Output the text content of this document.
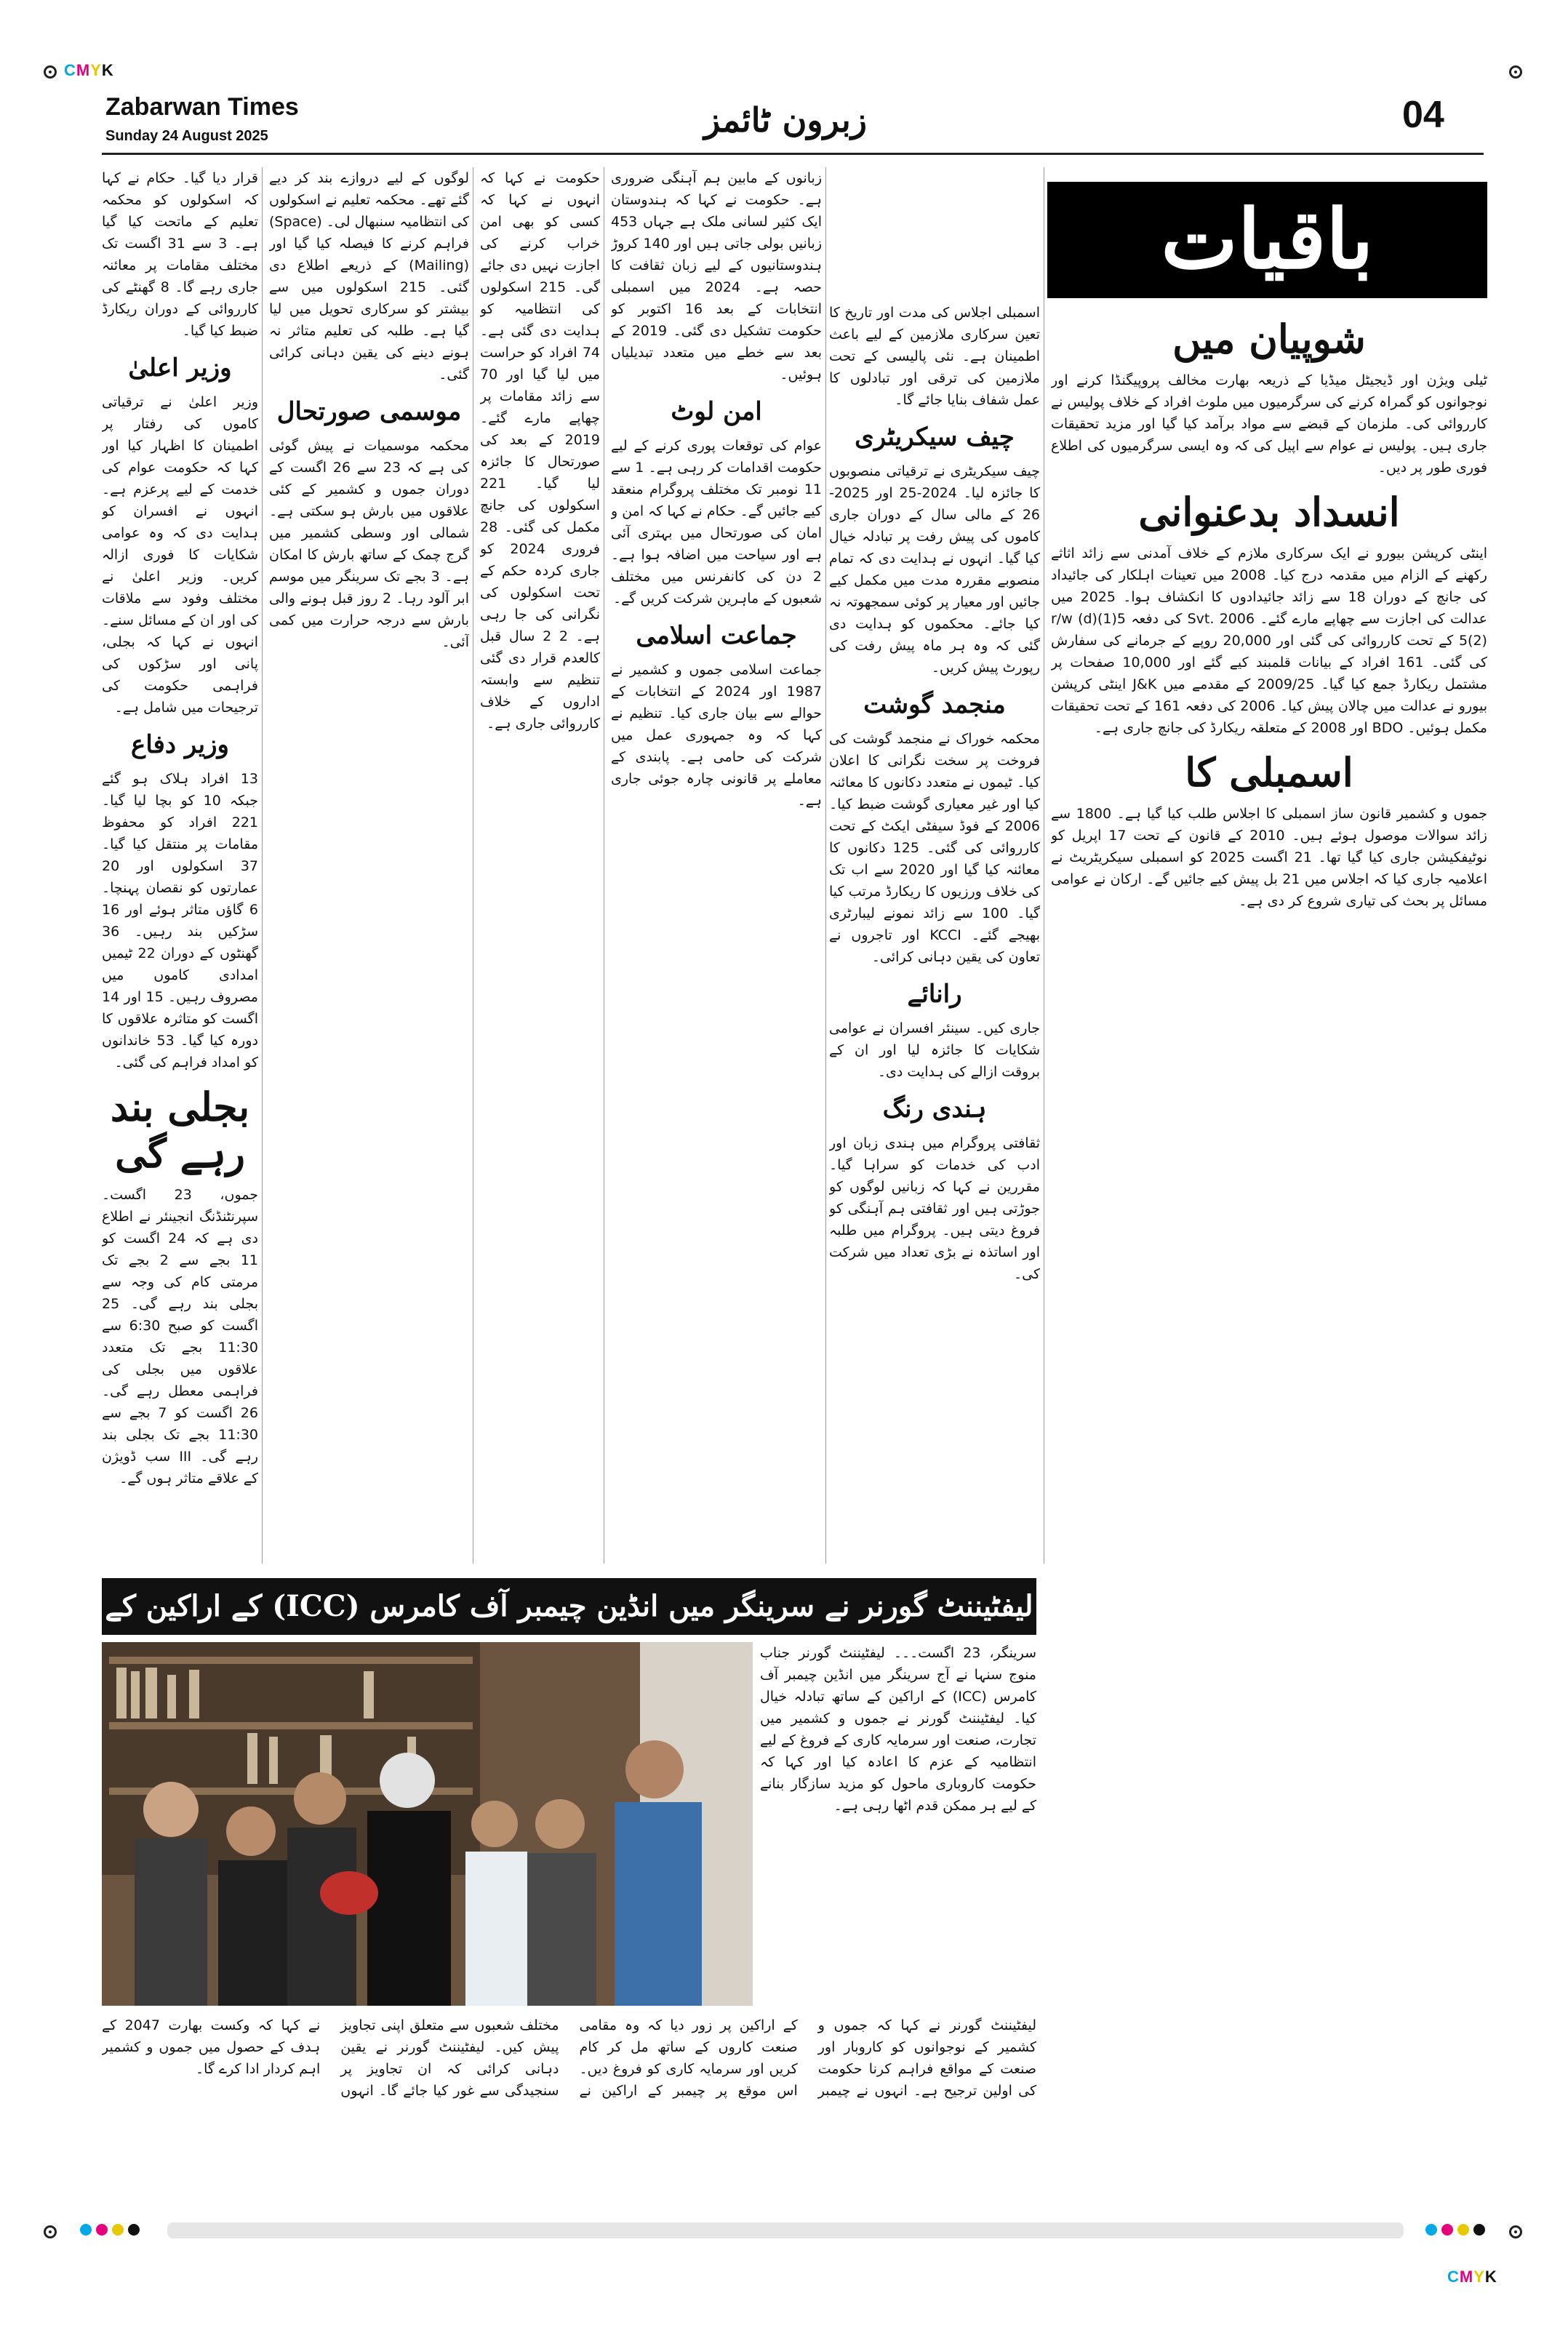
CMYK
CMYK
Zabarwan Times
Sunday 24 August 2025	زبرون ٹائمز	04
باقیات
شوپیان میں

ٹیلی ویژن اور ڈیجیٹل میڈیا کے ذریعہ بھارت مخالف پروپیگنڈا کرنے اور نوجوانوں کو گمراہ کرنے کی سرگرمیوں میں ملوث افراد کے خلاف پولیس نے کارروائی کی۔ ملزمان کے قبضے سے مواد برآمد کیا گیا اور مزید تحقیقات جاری ہیں۔ پولیس نے عوام سے اپیل کی کہ وہ ایسی سرگرمیوں کی اطلاع فوری طور پر دیں۔

انسداد بدعنوانی

اینٹی کرپشن بیورو نے ایک سرکاری ملازم کے خلاف آمدنی سے زائد اثاثے رکھنے کے الزام میں مقدمہ درج کیا۔ 2008 میں تعینات اہلکار کی جائیداد کی جانچ کے دوران 18 سے زائد جائیدادوں کا انکشاف ہوا۔ 2025 میں عدالت کی اجازت سے چھاپے مارے گئے۔ Svt. 2006 کی دفعہ 5(1)(d) r/w 5(2) کے تحت کارروائی کی گئی اور 20,000 روپے کے جرمانے کی سفارش کی گئی۔ 161 افراد کے بیانات قلمبند کیے گئے اور 10,000 صفحات پر مشتمل ریکارڈ جمع کیا گیا۔ 2009/25 کے مقدمے میں J&K اینٹی کرپشن بیورو نے عدالت میں چالان پیش کیا۔ 2006 کی دفعہ 161 کے تحت تحقیقات مکمل ہوئیں۔ BDO اور 2008 کے متعلقہ ریکارڈ کی جانچ جاری ہے۔

اسمبلی کا

جموں و کشمیر قانون ساز اسمبلی کا اجلاس طلب کیا گیا ہے۔ 1800 سے زائد سوالات موصول ہوئے ہیں۔ 2010 کے قانون کے تحت 17 اپریل کو نوٹیفکیشن جاری کیا گیا تھا۔ 21 اگست 2025 کو اسمبلی سیکریٹریٹ نے اعلامیہ جاری کیا کہ اجلاس میں 21 بل پیش کیے جائیں گے۔ ارکان نے عوامی مسائل پر بحث کی تیاری شروع کر دی ہے۔

اسمبلی اجلاس کی مدت اور تاریخ کا تعین سرکاری ملازمین کے لیے باعث اطمینان ہے۔ نئی پالیسی کے تحت ملازمین کی ترقی اور تبادلوں کا عمل شفاف بنایا جائے گا۔

چیف سیکریٹری

چیف سیکریٹری نے ترقیاتی منصوبوں کا جائزہ لیا۔ 2024-25 اور 2025-26 کے مالی سال کے دوران جاری کاموں کی پیش رفت پر تبادلہ خیال کیا گیا۔ انہوں نے ہدایت دی کہ تمام منصوبے مقررہ مدت میں مکمل کیے جائیں اور معیار پر کوئی سمجھوتہ نہ کیا جائے۔ محکموں کو ہدایت دی گئی کہ وہ ہر ماہ پیش رفت کی رپورٹ پیش کریں۔

منجمد گوشت

محکمہ خوراک نے منجمد گوشت کی فروخت پر سخت نگرانی کا اعلان کیا۔ ٹیموں نے متعدد دکانوں کا معائنہ کیا اور غیر معیاری گوشت ضبط کیا۔ 2006 کے فوڈ سیفٹی ایکٹ کے تحت کارروائی کی گئی۔ 125 دکانوں کا معائنہ کیا گیا اور 2020 سے اب تک کی خلاف ورزیوں کا ریکارڈ مرتب کیا گیا۔ 100 سے زائد نمونے لیبارٹری بھیجے گئے۔ KCCI اور تاجروں نے تعاون کی یقین دہانی کرائی۔

رانائے

جاری کیں۔ سینئر افسران نے عوامی شکایات کا جائزہ لیا اور ان کے بروقت ازالے کی ہدایت دی۔

ہندی رنگ

ثقافتی پروگرام میں ہندی زبان اور ادب کی خدمات کو سراہا گیا۔ مقررین نے کہا کہ زبانیں لوگوں کو جوڑتی ہیں اور ثقافتی ہم آہنگی کو فروغ دیتی ہیں۔ پروگرام میں طلبہ اور اساتذہ نے بڑی تعداد میں شرکت کی۔

زبانوں کے مابین ہم آہنگی ضروری ہے۔ حکومت نے کہا کہ ہندوستان ایک کثیر لسانی ملک ہے جہاں 453 زبانیں بولی جاتی ہیں اور 140 کروڑ ہندوستانیوں کے لیے زبان ثقافت کا حصہ ہے۔ 2024 میں اسمبلی انتخابات کے بعد 16 اکتوبر کو حکومت تشکیل دی گئی۔ 2019 کے بعد سے خطے میں متعدد تبدیلیاں ہوئیں۔

امن لوٹ

عوام کی توقعات پوری کرنے کے لیے حکومت اقدامات کر رہی ہے۔ 1 سے 11 نومبر تک مختلف پروگرام منعقد کیے جائیں گے۔ حکام نے کہا کہ امن و امان کی صورتحال میں بہتری آئی ہے اور سیاحت میں اضافہ ہوا ہے۔ 2 دن کی کانفرنس میں مختلف شعبوں کے ماہرین شرکت کریں گے۔

جماعت اسلامی

جماعت اسلامی جموں و کشمیر نے 1987 اور 2024 کے انتخابات کے حوالے سے بیان جاری کیا۔ تنظیم نے کہا کہ وہ جمہوری عمل میں شرکت کی حامی ہے۔ پابندی کے معاملے پر قانونی چارہ جوئی جاری ہے۔

حکومت نے کہا کہ انہوں نے کہا کہ کسی کو بھی امن خراب کرنے کی اجازت نہیں دی جائے گی۔ 215 اسکولوں کی انتظامیہ کو ہدایت دی گئی ہے۔ 74 افراد کو حراست میں لیا گیا اور 70 سے زائد مقامات پر چھاپے مارے گئے۔ 2019 کے بعد کی صورتحال کا جائزہ لیا گیا۔ 221 اسکولوں کی جانچ مکمل کی گئی۔ 28 فروری 2024 کو جاری کردہ حکم کے تحت اسکولوں کی نگرانی کی جا رہی ہے۔ 2 2 سال قبل کالعدم قرار دی گئی تنظیم سے وابستہ اداروں کے خلاف کارروائی جاری ہے۔

لوگوں کے لیے دروازے بند کر دیے گئے تھے۔ محکمہ تعلیم نے اسکولوں کی انتظامیہ سنبھال لی۔ (Space) فراہم کرنے کا فیصلہ کیا گیا اور (Mailing) کے ذریعے اطلاع دی گئی۔ 215 اسکولوں میں سے بیشتر کو سرکاری تحویل میں لیا گیا ہے۔ طلبہ کی تعلیم متاثر نہ ہونے دینے کی یقین دہانی کرائی گئی۔

موسمی صورتحال

محکمہ موسمیات نے پیش گوئی کی ہے کہ 23 سے 26 اگست کے دوران جموں و کشمیر کے کئی علاقوں میں بارش ہو سکتی ہے۔ شمالی اور وسطی کشمیر میں گرج چمک کے ساتھ بارش کا امکان ہے۔ 3 بجے تک سرینگر میں موسم ابر آلود رہا۔ 2 روز قبل ہونے والی بارش سے درجہ حرارت میں کمی آئی۔

قرار دیا گیا۔ حکام نے کہا کہ اسکولوں کو محکمہ تعلیم کے ماتحت کیا گیا ہے۔ 3 سے 31 اگست تک مختلف مقامات پر معائنہ جاری رہے گا۔ 8 گھنٹے کی کارروائی کے دوران ریکارڈ ضبط کیا گیا۔

وزیر اعلیٰ

وزیر اعلیٰ نے ترقیاتی کاموں کی رفتار پر اطمینان کا اظہار کیا اور کہا کہ حکومت عوام کی خدمت کے لیے پرعزم ہے۔ انہوں نے افسران کو ہدایت دی کہ وہ عوامی شکایات کا فوری ازالہ کریں۔ وزیر اعلیٰ نے مختلف وفود سے ملاقات کی اور ان کے مسائل سنے۔ انہوں نے کہا کہ بجلی، پانی اور سڑکوں کی فراہمی حکومت کی ترجیحات میں شامل ہے۔

وزیر دفاع

13 افراد ہلاک ہو گئے جبکہ 10 کو بچا لیا گیا۔ 221 افراد کو محفوظ مقامات پر منتقل کیا گیا۔ 37 اسکولوں اور 20 عمارتوں کو نقصان پہنچا۔ 6 گاؤں متاثر ہوئے اور 16 سڑکیں بند رہیں۔ 36 گھنٹوں کے دوران 22 ٹیمیں امدادی کاموں میں مصروف رہیں۔ 15 اور 14 اگست کو متاثرہ علاقوں کا دورہ کیا گیا۔ 53 خاندانوں کو امداد فراہم کی گئی۔

بجلی بند رہے گی

جموں، 23 اگست۔ سپرنٹنڈنگ انجینئر نے اطلاع دی ہے کہ 24 اگست کو 11 بجے سے 2 بجے تک مرمتی کام کی وجہ سے بجلی بند رہے گی۔ 25 اگست کو صبح 6:30 سے 11:30 بجے تک متعدد علاقوں میں بجلی کی فراہمی معطل رہے گی۔ 26 اگست کو 7 بجے سے 11:30 بجے تک بجلی بند رہے گی۔ III سب ڈویژن کے علاقے متاثر ہوں گے۔

لیفٹیننٹ گورنر نے سرینگر میں انڈین چیمبر آف کامرس (ICC) کے اراکین کے
سرینگر، 23 اگست۔۔۔ لیفٹیننٹ گورنر جناب منوج سنہا نے آج سرینگر میں انڈین چیمبر آف کامرس (ICC) کے اراکین کے ساتھ تبادلہ خیال کیا۔ لیفٹیننٹ گورنر نے جموں و کشمیر میں تجارت، صنعت اور سرمایہ کاری کے فروغ کے لیے انتظامیہ کے عزم کا اعادہ کیا اور کہا کہ حکومت کاروباری ماحول کو مزید سازگار بنانے کے لیے ہر ممکن قدم اٹھا رہی ہے۔
لیفٹیننٹ گورنر نے کہا کہ جموں و کشمیر کے نوجوانوں کو کاروبار اور صنعت کے مواقع فراہم کرنا حکومت کی اولین ترجیح ہے۔ انہوں نے چیمبر کے اراکین پر زور دیا کہ وہ مقامی صنعت کاروں کے ساتھ مل کر کام کریں اور سرمایہ کاری کو فروغ دیں۔ اس موقع پر چیمبر کے اراکین نے مختلف شعبوں سے متعلق اپنی تجاویز پیش کیں۔ لیفٹیننٹ گورنر نے یقین دہانی کرائی کہ ان تجاویز پر سنجیدگی سے غور کیا جائے گا۔ انہوں نے کہا کہ وکست بھارت 2047 کے ہدف کے حصول میں جموں و کشمیر اہم کردار ادا کرے گا۔
